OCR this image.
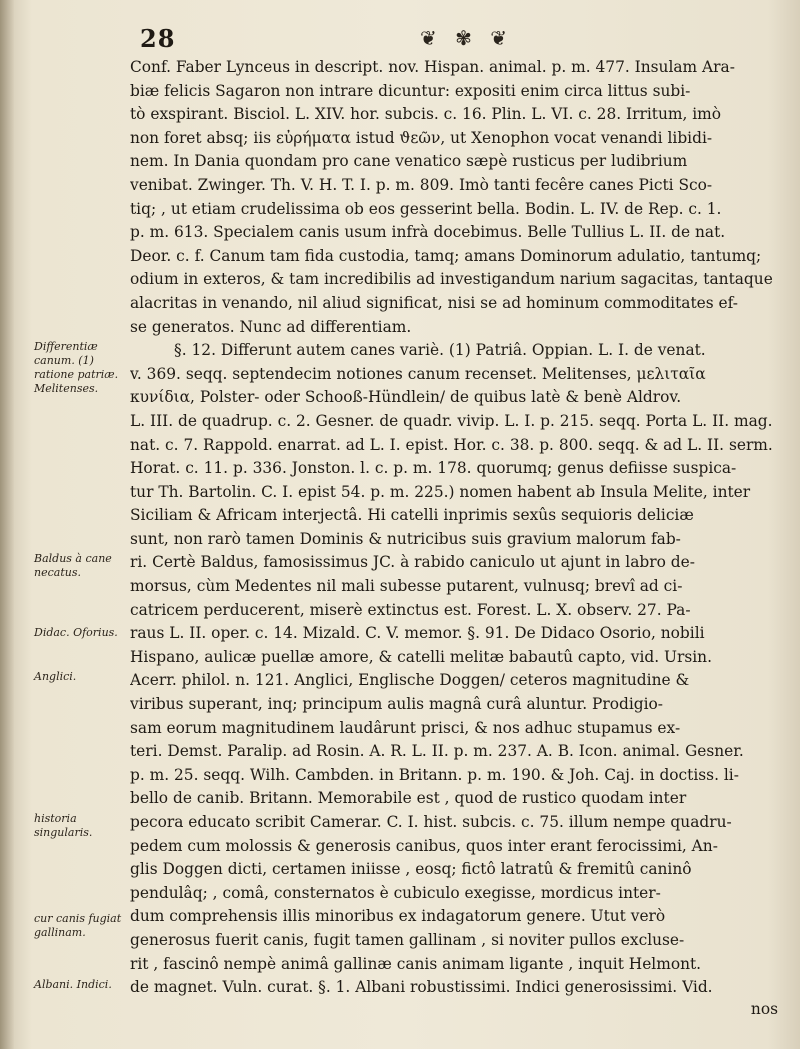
28	❦ ✾ ❦
Differentiæ canum. (1) ratione patriæ. Melitenses.
Baldus à cane necatus.
Didac. Oforius.
Anglici.
historia singularis.
cur canis fugiat gallinam.
Albani. Indici.
Conf. Faber Lynceus in descript. nov. Hispan. animal. p. m. 477. Insulam Ara-
biæ felicis Sagaron non intrare dicuntur: expositi enim circa littus subi-
tò exspirant. Bisciol. L. XIV. hor. subcis. c. 16. Plin. L. VI. c. 28. Irritum, imò
non foret absq; iis εὐρήματα istud ϑεῶν, ut Xenophon vocat venandi libidi-
nem. In Dania quondam pro cane venatico sæpè rusticus per ludibrium
venibat. Zwinger. Th. V. H. T. I. p. m. 809. Imò tanti fecêre canes Picti Sco-
tiq; , ut etiam crudelissima ob eos gesserint bella. Bodin. L. IV. de Rep. c. 1.
p. m. 613. Specialem canis usum infrà docebimus. Belle Tullius L. II. de nat.
Deor. c. f. Canum tam fida custodia, tamq; amans Dominorum adulatio, tantumq;
odium in exteros, & tam incredibilis ad investigandum narium sagacitas, tantaque
alacritas in venando, nil aliud significat, nisi se ad hominum commoditates ef-
se generatos. Nunc ad differentiam.
§. 12. Differunt autem canes variè. (1) Patriâ. Oppian. L. I. de venat.
v. 369. seqq. septendecim notiones canum recenset. Melitenses, μελιταῖα
κυνίδια, Polster- oder Schooß-Hündlein/ de quibus latè & benè Aldrov.
L. III. de quadrup. c. 2. Gesner. de quadr. vivip. L. I. p. 215. seqq. Porta L. II. mag.
nat. c. 7. Rappold. enarrat. ad L. I. epist. Hor. c. 38. p. 800. seqq. & ad L. II. serm.
Horat. c. 11. p. 336. Jonston. l. c. p. m. 178. quorumq; genus defiisse suspica-
tur Th. Bartolin. C. I. epist 54. p. m. 225.) nomen habent ab Insula Melite, inter
Siciliam & Africam interjectâ. Hi catelli inprimis sexûs sequioris deliciæ
sunt, non rarò tamen Dominis & nutricibus suis gravium malorum fab-
ri. Certè Baldus, famosissimus JC. à rabido caniculo ut ajunt in labro de-
morsus, cùm Medentes nil mali subesse putarent, vulnusq; brevî ad ci-
catricem perducerent, miserè extinctus est. Forest. L. X. observ. 27. Pa-
raus L. II. oper. c. 14. Mizald. C. V. memor. §. 91. De Didaco Osorio, nobili
Hispano, aulicæ puellæ amore, & catelli melitæ babautû capto, vid. Ursin.
Acerr. philol. n. 121. Anglici, Englische Doggen/ ceteros magnitudine &
viribus superant, inq; principum aulis magnâ curâ aluntur. Prodigio-
sam eorum magnitudinem laudârunt prisci, & nos adhuc stupamus ex-
teri. Demst. Paralip. ad Rosin. A. R. L. II. p. m. 237. A. B. Icon. animal. Gesner.
p. m. 25. seqq. Wilh. Cambden. in Britann. p. m. 190. & Joh. Caj. in doctiss. li-
bello de canib. Britann. Memorabile est , quod de rustico quodam inter
pecora educato scribit Camerar. C. I. hist. subcis. c. 75. illum nempe quadru-
pedem cum molossis & generosis canibus, quos inter erant ferocissimi, An-
glis Doggen dicti, certamen iniisse , eosq; fictô latratû & fremitû caninô
pendulâq; , comâ, consternatos è cubiculo exegisse, mordicus inter-
dum comprehensis illis minoribus ex indagatorum genere. Utut verò
generosus fuerit canis, fugit tamen gallinam , si noviter pullos excluse-
rit , fascinô nempè animâ gallinæ canis animam ligante , inquit Helmont.
de magnet. Vuln. curat. §. 1. Albani robustissimi. Indici generosissimi. Vid.
nos
